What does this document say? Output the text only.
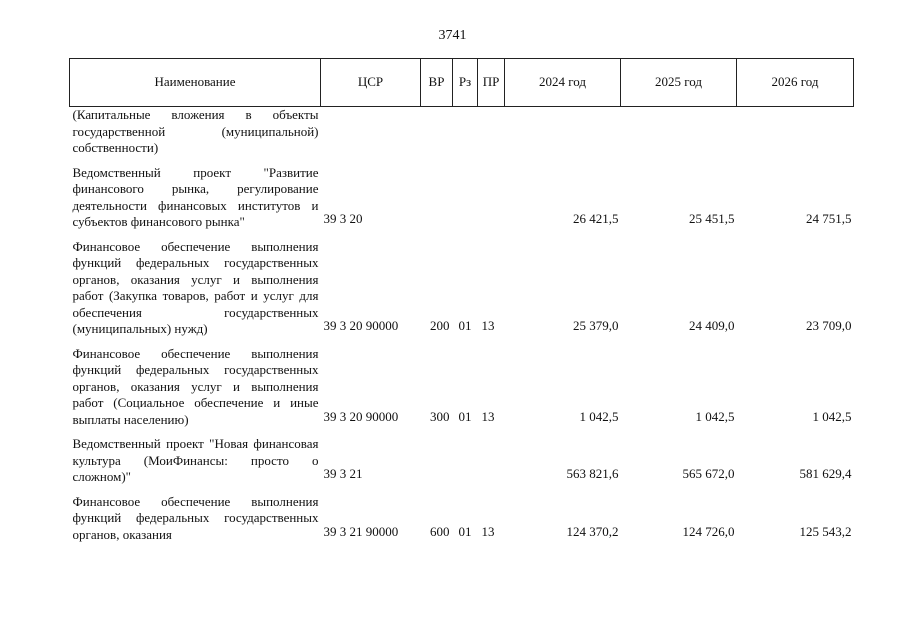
3741
Наименование	ЦСР	ВР	Рз	ПР	2024 год	2025 год	2026 год
(Капитальные вложения в объекты государственной (муниципальной) собственности)							

Ведомственный проект "Развитие финансового рынка, регулирование деятельности финансовых институтов и субъектов финансового рынка"	39 3 20				26 421,5	25 451,5	24 751,5

Финансовое обеспечение выполнения функций федеральных государственных органов, оказания услуг и выполнения работ (Закупка товаров, работ и услуг для обеспечения государственных (муниципальных) нужд)	39 3 20 90000	200	01	13	25 379,0	24 409,0	23 709,0

Финансовое обеспечение выполнения функций федеральных государственных органов, оказания услуг и выполнения работ (Социальное обеспечение и иные выплаты населению)	39 3 20 90000	300	01	13	1 042,5	1 042,5	1 042,5

Ведомственный проект "Новая финансовая культура (МоиФинансы: просто о сложном)"	39 3 21				563 821,6	565 672,0	581 629,4

Финансовое обеспечение выполнения функций федеральных государственных органов, оказания	39 3 21 90000	600	01	13	124 370,2	124 726,0	125 543,2
